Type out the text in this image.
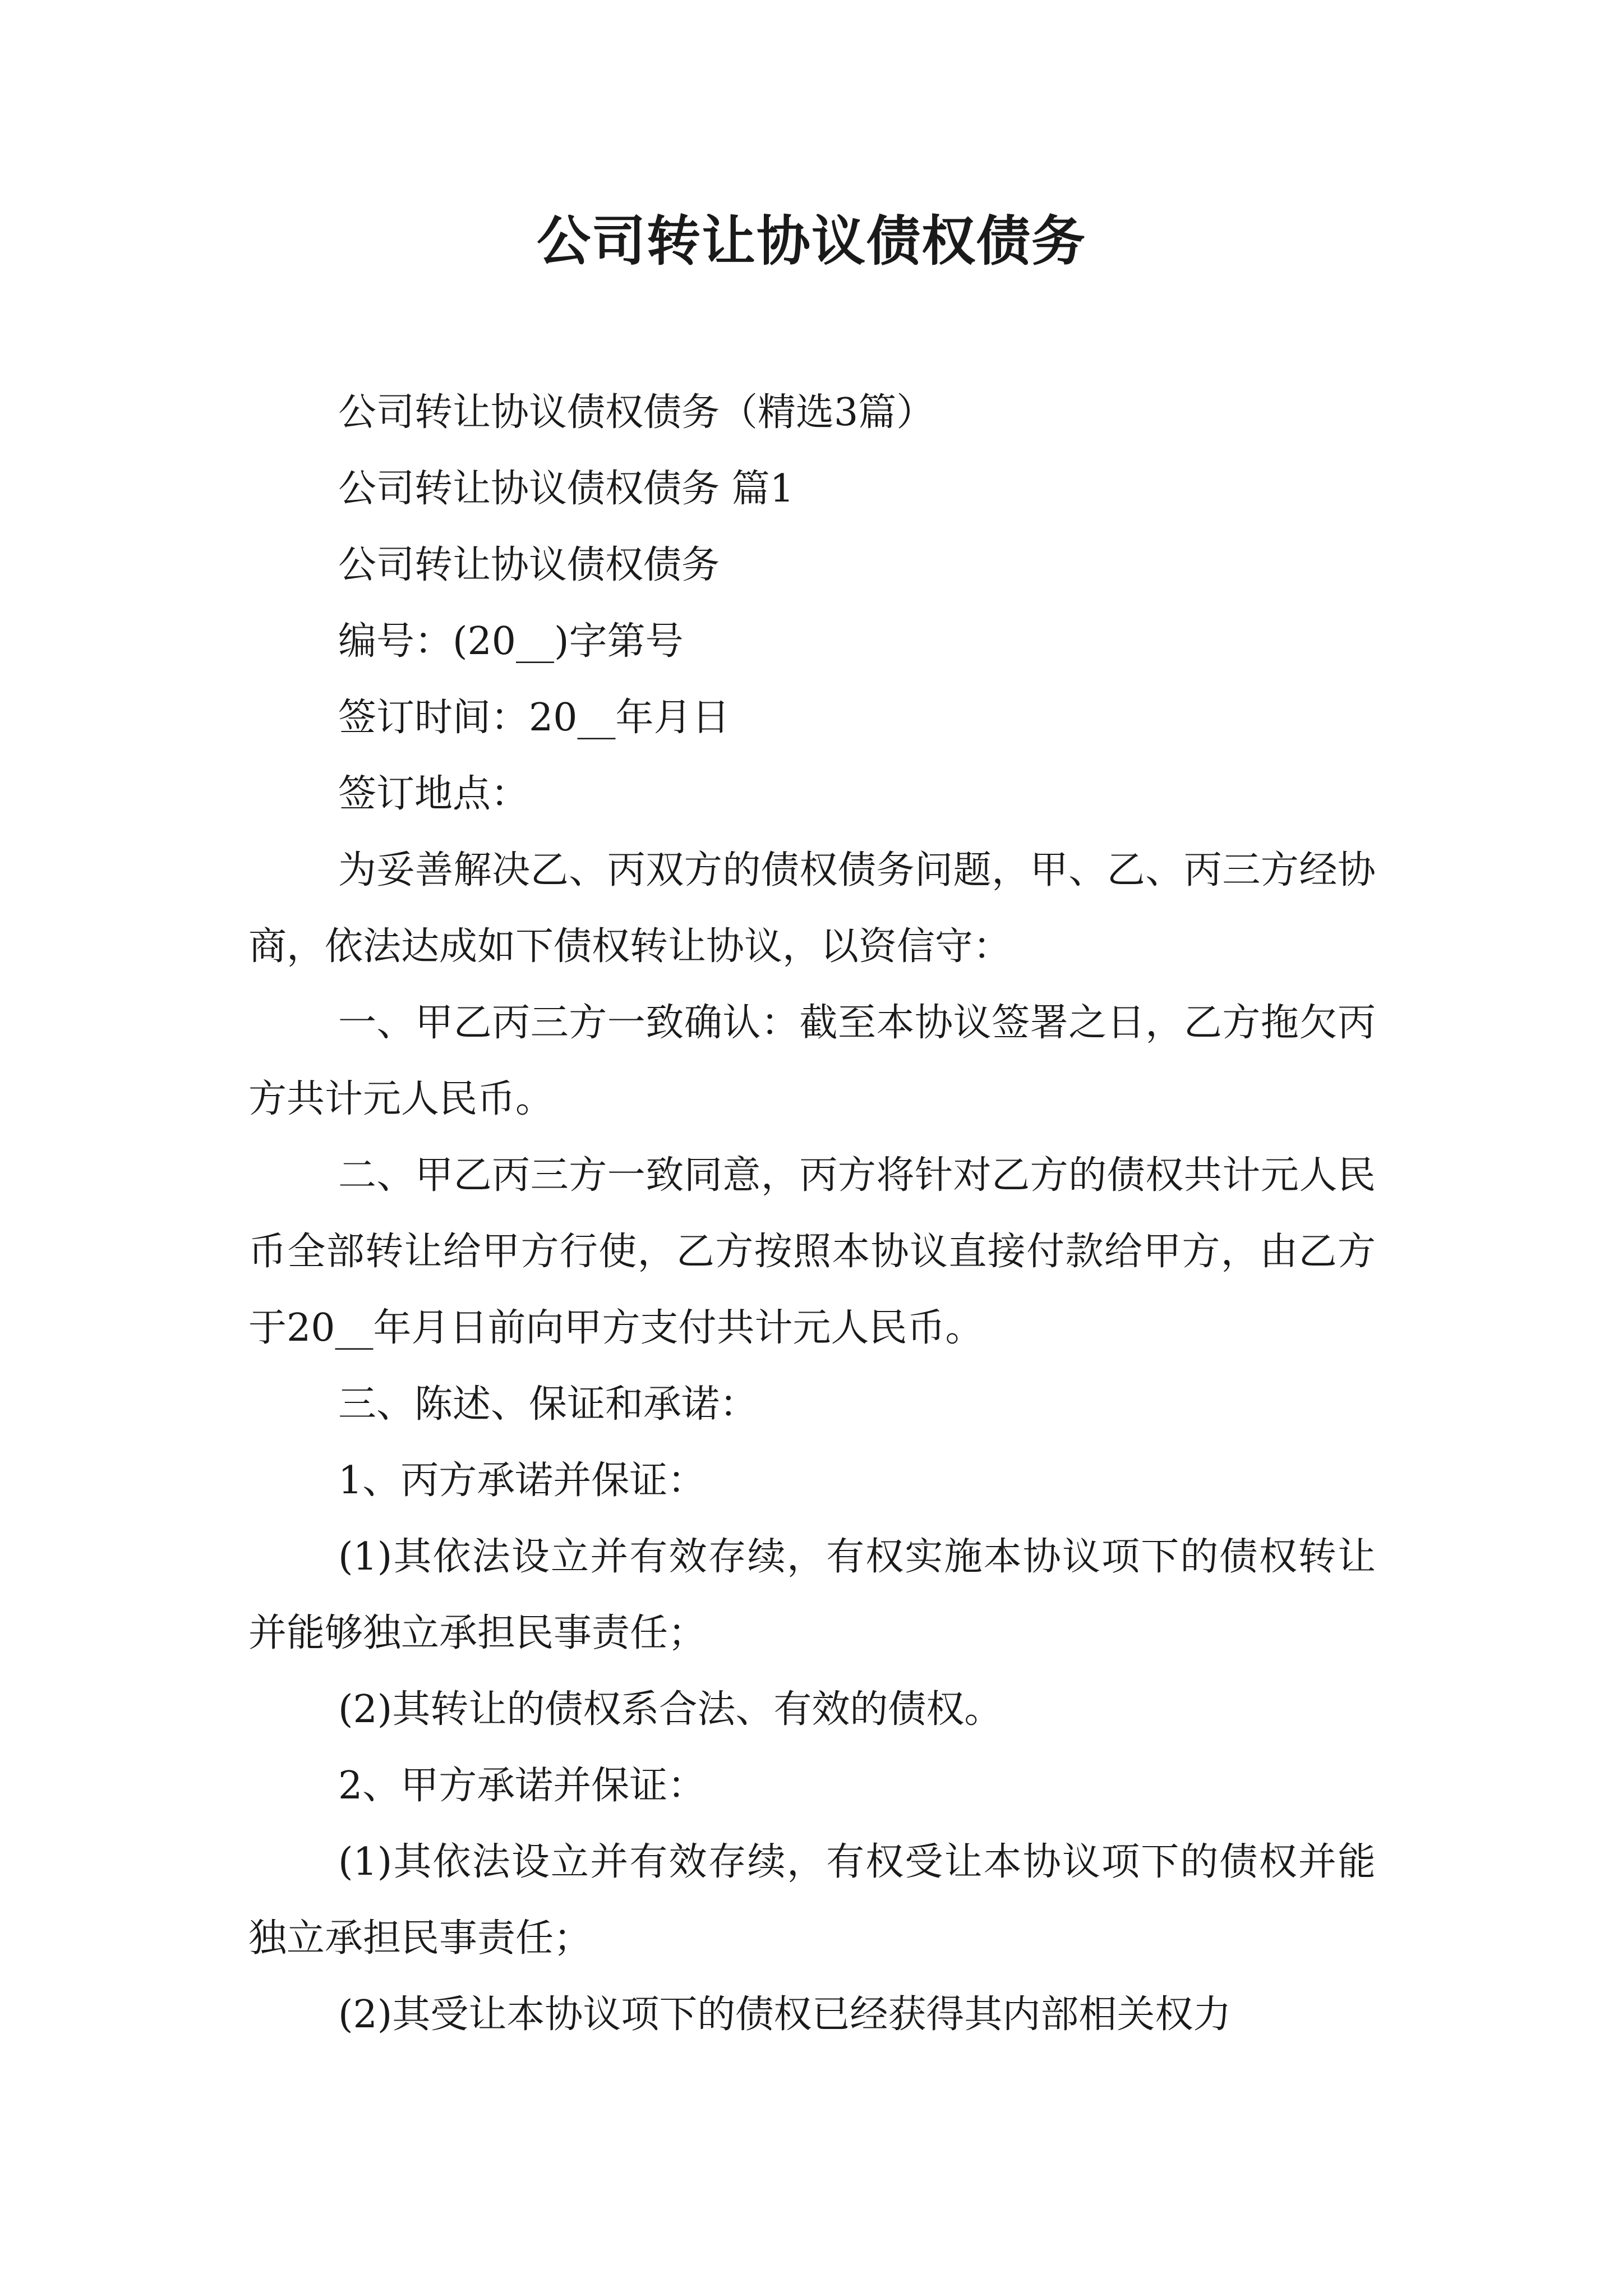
公司转让协议债权债务

公司转让协议债权债务（精选3篇）

公司转让协议债权债务 篇1

公司转让协议债权债务

编号：(20__)字第号

签订时间：20__年月日

签订地点：

为妥善解决乙、丙双方的债权债务问题，甲、乙、丙三方经协商，依法达成如下债权转让协议，以资信守：

一、甲乙丙三方一致确认：截至本协议签署之日，乙方拖欠丙方共计元人民币。

二、甲乙丙三方一致同意，丙方将针对乙方的债权共计元人民币全部转让给甲方行使，乙方按照本协议直接付款给甲方，由乙方于20__年月日前向甲方支付共计元人民币。

三、陈述、保证和承诺：

1、丙方承诺并保证：

(1)其依法设立并有效存续，有权实施本协议项下的债权转让并能够独立承担民事责任；

(2)其转让的债权系合法、有效的债权。

2、甲方承诺并保证：

(1)其依法设立并有效存续，有权受让本协议项下的债权并能独立承担民事责任；

(2)其受让本协议项下的债权已经获得其内部相关权力
